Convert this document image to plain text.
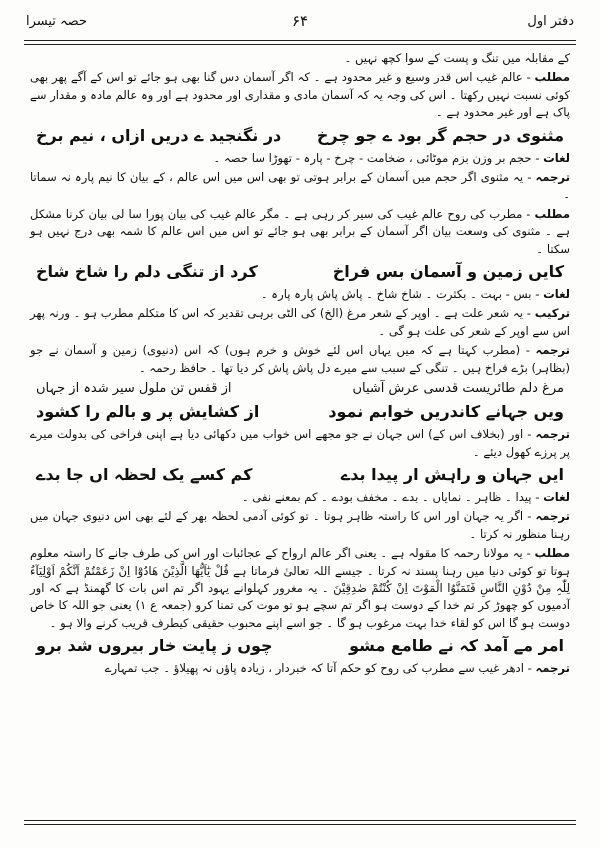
دفتر اول
۶۴
حصہ تیسرا

کے مقابلہ میں تنگ و پست کے سوا کچھ نہیں ۔

مطلب - عالم غیب اس قدر وسیع و غیر محدود ہے ۔ کہ اگر آسمان دس گنا بھی ہو جائے تو اس کے آگے پھر بھی کوئی نسبت نہیں رکھتا ۔ اس کی وجہ یہ کہ آسمان مادی و مقداری اور محدود ہے اور وہ عالم مادہ و مقدار سے پاک ہے اور غیر محدود ہے ۔

مثنوی در حجم گر بود ے جو چرخ
در نگنجید ے دریں ازاں ، نیم برخ

لغات - حجم بر وزن بزم موٹائی ، ضخامت - چرخ - پارہ - تھوڑا سا حصہ ۔

ترجمہ - یہ مثنوی اگر حجم میں آسمان کے برابر ہوتی تو بھی اس میں اس عالم ، کے بیان کا نیم پارہ نہ سماتا ۔

مطلب - مطرب کی روح عالم غیب کی سیر کر رہی ہے ۔ مگر عالم غیب کی بیان پورا سا لی بیان کرنا مشکل ہے ۔ مثنوی کی وسعت بیان اگر آسمان کے برابر بھی ہو جائے تو اس میں اس عالم کا شمہ بھی درج نہیں ہو سکتا ۔

کایں زمین و آسمان بس فراخ
کرد از تنگی دلم را شاخ شاخ

لغات - بس - بہت ۔ بکثرت ۔ شاخ شاخ ۔ پاش پاش پارہ پارہ ۔

ترکیب - یہ شعر علت ہے ۔ اوپر کے شعر مرغ (الخ) کی الٹی برہی تقدیر کہ اس کا متکلم مطرب ہو ۔ ورنہ پھر اس سے اوپر کے شعر کی علت ہو گی ۔

ترجمہ - (مطرب کہتا ہے کہ میں یہاں اس لئے خوش و خرم ہوں) کہ اس (دنیوی) زمین و آسمان نے جو (بظاہر) بڑے فراخ ہیں ۔ تنگی کے سبب سے میرے دل پاش پاش کر دیا تھا ۔ حافظ رحمہ ۔

مرغ دلم طائریست قدسی عرش آشیاں
از قفس تن ملول سیر شدہ از جہاں
ویں جہانے کاندریں خوابم نمود
از کشایش پر و بالم را کشود

ترجمہ - اور (بخلاف اس کے) اس جہان نے جو مجھے اس خواب میں دکھائی دیا ہے اپنی فراخی کی بدولت میرے پر پرزے کھول دیئے ۔

ایں جہان و راہش ار پیدا بدے
کم کسے یک لحظہ اں جا بدے

لغات - پیدا ۔ ظاہر ۔ نمایاں ۔ بدے ۔ مخفف بودے ۔ کم بمعنے نفی ۔

ترجمہ - اگر یہ جہان اور اس کا راستہ ظاہر ہوتا ۔ تو کوئی آدمی لحظہ بھر کے لئے بھی اس دنیوی جہان میں رہنا منظور نہ کرتا ۔

مطلب - یہ مولانا رحمہ کا مقولہ ہے ۔ یعنی اگر عالم ارواح کے عجائبات اور اس کی طرف جانے کا راستہ معلوم ہوتا تو کوئی دنیا میں رہنا پسند نہ کرتا ۔ جیسے اللہ تعالیٰ فرماتا ہے قُلْ یٰٓاَیُّھَا الَّذِیْنَ ھَادُوْٓا اِنْ زَعَمْتُمْ اَنَّکُمْ اَوْلِیَآءُ لِلّٰہِ مِنْ دُوْنِ النَّاسِ فَتَمَنَّوُا الْمَوْتَ اِنْ کُنْتُمْ صٰدِقِیْنَ ۔ یہ مغرور کہلوانے یہود اگر تم اس بات کا گھمنڈ ہے کہ اور آدمیوں کو چھوڑ کر تم خدا کے دوست ہو اگر تم سچے ہو تو موت کی تمنا کرو (جمعہ ع ۱) یعنی جو اللہ کا خاص دوست ہو گا اس کو لقاء خدا بہت مرغوب ہو گا ۔ جو اسے اپنے محبوب حقیقی کیطرف قریب کرنے والا ہو ۔

امر مے آمد کہ نے طامع مشو
چوں ز پایت خار بیروں شد برو

ترجمہ - ادھر غیب سے مطرب کی روح کو حکم آتا کہ خبردار ، زیادہ پاؤں نہ پھیلاؤ ۔ جب تمہارے
